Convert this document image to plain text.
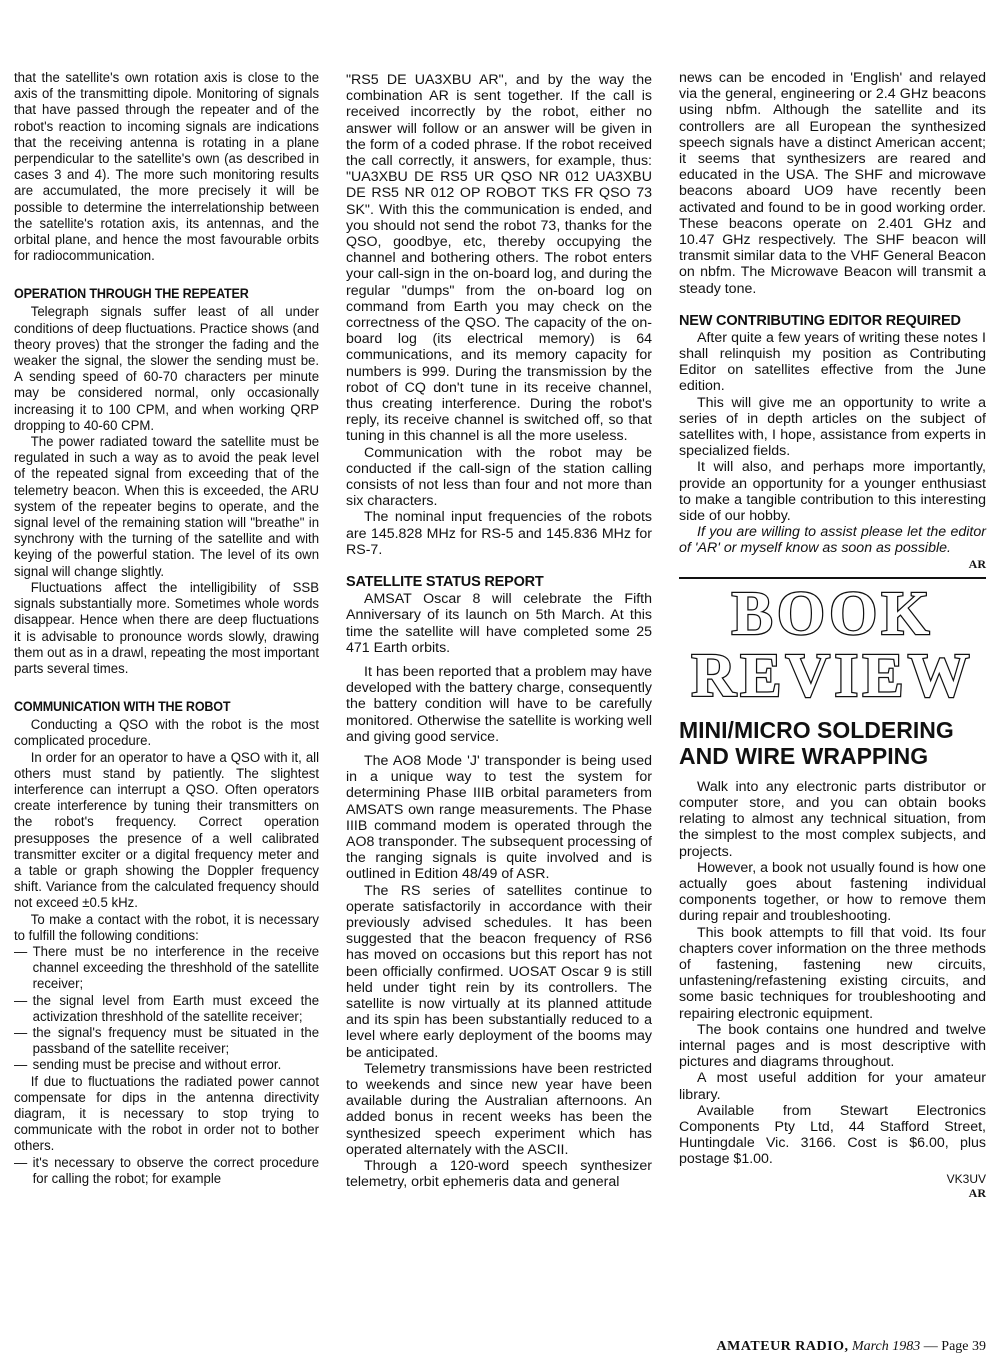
that the satellite's own rotation axis is close to the axis of the transmitting dipole. Monitoring of signals that have passed through the repeater and of the robot's reaction to incoming signals are indications that the receiving antenna is rotating in a plane perpendicular to the satellite's own (as described in cases 3 and 4). The more such monitoring results are accumulated, the more precisely it will be possible to determine the interrelationship between the satellite's rotation axis, its antennas, and the orbital plane, and hence the most favourable orbits for radiocommunication.

OPERATION THROUGH THE REPEATER

Telegraph signals suffer least of all under conditions of deep fluctuations. Practice shows (and theory proves) that the stronger the fading and the weaker the signal, the slower the sending must be. A sending speed of 60-70 characters per minute may be considered normal, only occasionally increasing it to 100 CPM, and when working QRP dropping to 40-60 CPM.

The power radiated toward the satellite must be regulated in such a way as to avoid the peak level of the repeated signal from exceeding that of the telemetry beacon. When this is exceeded, the ARU system of the repeater begins to operate, and the signal level of the remaining station will "breathe" in synchrony with the turning of the satellite and with keying of the powerful station. The level of its own signal will change slightly.

Fluctuations affect the intelligibility of SSB signals substantially more. Sometimes whole words disappear. Hence when there are deep fluctuations it is advisable to pronounce words slowly, drawing them out as in a drawl, repeating the most important parts several times.

COMMUNICATION WITH THE ROBOT

Conducting a QSO with the robot is the most complicated procedure.

In order for an operator to have a QSO with it, all others must stand by patiently. The slightest interference can interrupt a QSO. Often operators create interference by tuning their transmitters on the robot's frequency. Correct operation presupposes the presence of a well calibrated transmitter exciter or a digital frequency meter and a table or graph showing the Doppler frequency shift. Variance from the calculated frequency should not exceed ±0.5 kHz.

To make a contact with the robot, it is necessary to fulfill the following conditions:

— There must be no interference in the receive channel exceeding the threshhold of the satellite receiver;
— the signal level from Earth must exceed the activization threshhold of the satellite receiver;
— the signal's frequency must be situated in the passband of the satellite receiver;
— sending must be precise and without error.

If due to fluctuations the radiated power cannot compensate for dips in the antenna directivity diagram, it is necessary to stop trying to communicate with the robot in order not to bother others.

— it's necessary to observe the correct procedure for calling the robot; for example

"RS5 DE UA3XBU AR", and by the way the combination AR is sent together. If the call is received incorrectly by the robot, either no answer will follow or an answer will be given in the form of a coded phrase. If the robot received the call correctly, it answers, for example, thus: "UA3XBU DE RS5 UR QSO NR 012 UA3XBU DE RS5 NR 012 OP ROBOT TKS FR QSO 73 SK". With this the communication is ended, and you should not send the robot 73, thanks for the QSO, goodbye, etc, thereby occupying the channel and bothering others. The robot enters your call-sign in the on-board log, and during the regular "dumps" from the on-board log on command from Earth you may check on the correctness of the QSO. The capacity of the on-board log (its electrical memory) is 64 communications, and its memory capacity for numbers is 999. During the transmission by the robot of CQ don't tune in its receive channel, thus creating interference. During the robot's reply, its receive channel is switched off, so that tuning in this channel is all the more useless.

Communication with the robot may be conducted if the call-sign of the station calling consists of not less than four and not more than six characters.

The nominal input frequencies of the robots are 145.828 MHz for RS-5 and 145.836 MHz for RS-7.

SATELLITE STATUS REPORT

AMSAT Oscar 8 will celebrate the Fifth Anniversary of its launch on 5th March. At this time the satellite will have completed some 25 471 Earth orbits.

It has been reported that a problem may have developed with the battery charge, consequently the battery condition will have to be carefully monitored. Otherwise the satellite is working well and giving good service.

The AO8 Mode 'J' transponder is being used in a unique way to test the system for determining Phase IIIB orbital parameters from AMSATS own range measurements. The Phase IIIB command modem is operated through the AO8 transponder. The subsequent processing of the ranging signals is quite involved and is outlined in Edition 48/49 of ASR.

The RS series of satellites continue to operate satisfactorily in accordance with their previously advised schedules. It has been suggested that the beacon frequency of RS6 has moved on occasions but this report has not been officially confirmed. UOSAT Oscar 9 is still held under tight rein by its controllers. The satellite is now virtually at its planned attitude and its spin has been substantially reduced to a level where early deployment of the booms may be anticipated.

Telemetry transmissions have been restricted to weekends and since new year have been available during the Australian afternoons. An added bonus in recent weeks has been the synthesized speech experiment which has operated alternately with the ASCII.

Through a 120-word speech synthesizer telemetry, orbit ephemeris data and general

news can be encoded in 'English' and relayed via the general, engineering or 2.4 GHz beacons using nbfm. Although the satellite and its controllers are all European the synthesized speech signals have a distinct American accent; it seems that synthesizers are reared and educated in the USA. The SHF and microwave beacons aboard UO9 have recently been activated and found to be in good working order. These beacons operate on 2.401 GHz and 10.47 GHz respectively. The SHF beacon will transmit similar data to the VHF General Beacon on nbfm. The Microwave Beacon will transmit a steady tone.

NEW CONTRIBUTING EDITOR REQUIRED

After quite a few years of writing these notes I shall relinquish my position as Contributing Editor on satellites effective from the June edition.

This will give me an opportunity to write a series of in depth articles on the subject of satellites with, I hope, assistance from experts in specialized fields.

It will also, and perhaps more importantly, provide an opportunity for a younger enthusiast to make a tangible contribution to this interesting side of our hobby.

If you are willing to assist please let the editor of 'AR' or myself know as soon as possible.

AR
BOOK
REVIEW
MINI/MICRO SOLDERING AND WIRE WRAPPING

Walk into any electronic parts distributor or computer store, and you can obtain books relating to almost any technical situation, from the simplest to the most complex subjects, and projects.

However, a book not usually found is how one actually goes about fastening individual components together, or how to remove them during repair and troubleshooting.

This book attempts to fill that void. Its four chapters cover information on the three methods of fastening, fastening new circuits, unfastening/refastening existing circuits, and some basic techniques for troubleshooting and repairing electronic equipment.

The book contains one hundred and twelve internal pages and is most descriptive with pictures and diagrams throughout.

A most useful addition for your amateur library.

Available from Stewart Electronics Components Pty Ltd, 44 Stafford Street, Huntingdale Vic. 3166. Cost is $6.00, plus postage $1.00.

VK3UV
AR
AMATEUR RADIO, March 1983 — Page 39
